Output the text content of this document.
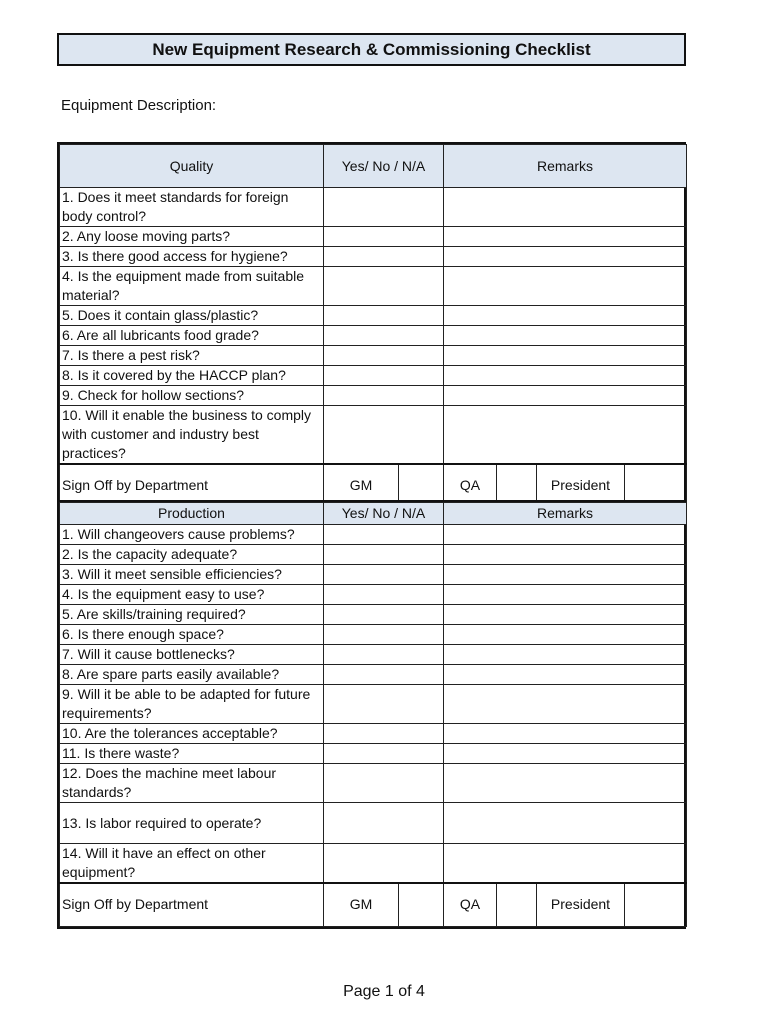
New Equipment Research & Commissioning Checklist
Equipment Description:
Quality	Yes/ No / N/A		Remarks			
1. Does it meet standards for foreign body control?						
2. Any loose moving parts?						
3. Is there good access for hygiene?						
4. Is the equipment made from suitable material?						
5. Does it contain glass/plastic?						
6. Are all lubricants food grade?						
7. Is there a pest risk?						
8. Is it covered by the HACCP plan?						
9. Check for hollow sections?						
10. Will it enable the business to comply with customer and industry best practices?						
Sign Off by Department	GM		QA		President	
Production	Yes/ No / N/A		Remarks			
1. Will changeovers cause problems?						
2. Is the capacity adequate?						
3. Will it meet sensible efficiencies?						
4. Is the equipment easy to use?						
5. Are skills/training required?						
6. Is there enough space?						
7. Will it cause bottlenecks?						
8. Are spare parts easily available?						
9. Will it be able to be adapted for future requirements?						
10. Are the tolerances acceptable?						
11. Is there waste?						
12. Does the machine meet labour standards?						
13. Is labor required to operate?						
14. Will it have an effect on other equipment?						
Sign Off by Department	GM		QA		President	
Page 1 of 4
